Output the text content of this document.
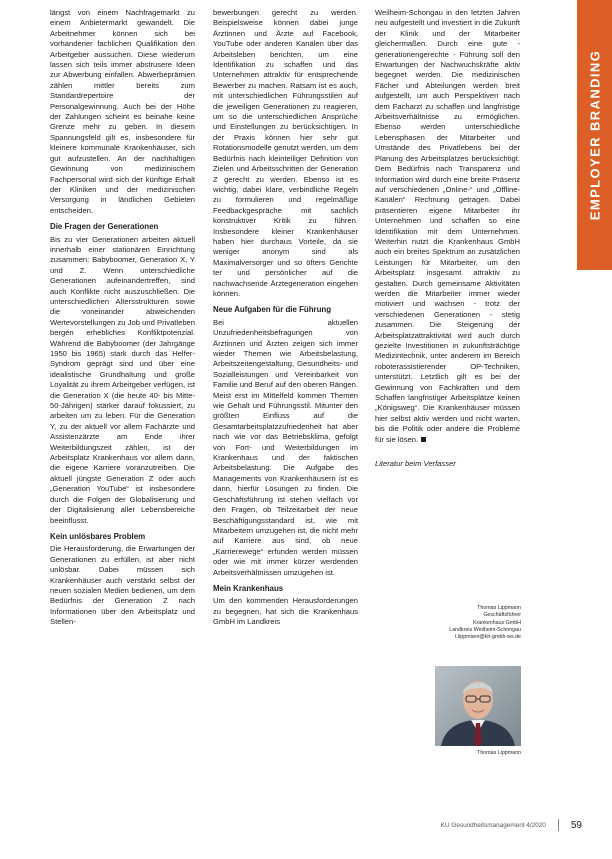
längst von einem Nachfragemarkt zu einem Anbietermarkt gewandelt. Die Arbeitnehmer können sich bei vorhandener fachlichen Qualifikation den Arbeitgeber aussuchen. Diese wiederum lassen sich teils immer abstrusere Ideen zur Abwerbung einfallen. Abwerbeprämien zählen mittler bereits zum Standardrepertoire der Personalgewinnung. Auch bei der Höhe der Zahlungen scheint es beinahe keine Grenze mehr zu geben. In diesem Spannungsfeld gilt es, insbesondere für kleinere kommunale Krankenhäuser, sich gut aufzustellen. An der nachhaltigen Gewinnung von medizinischem Fachpersonal wird sich der künftige Erhalt der Kliniken und der medizinischen Versorgung in ländlichen Gebieten entscheiden.

Die Fragen der Generationen

Bis zu vier Generationen arbeiten aktuell innerhalb einer stationären Einrichtung zusammen: Babyboomer, Generation X, Y und Z. Wenn unterschiedliche Generationen aufeinandertreffen, sind auch Konflikte nicht auszuschließen. Die unterschiedlichen Altersstrukturen sowie die voneinander abweichenden Wertevorstellungen zu Job und Privatleben bergen erhebliches Konfliktpotenzial. Während die Babyboomer (der Jahrgänge 1950 bis 1965) stark durch das Helfer-Syndrom geprägt sind und über eine idealistische Grundhaltung und große Loyalität zu ihrem Arbeitgeber verfügen, ist die Generation X (die heute 40- bis Mitte-50-Jährigen) stärker darauf fokussiert, zu arbeiten um zu leben. Für die Generation Y, zu der aktuell vor allem Fachärzte und Assistenzärzte am Ende ihrer Weiterbildungszeit zählen, ist der Arbeitsplatz Krankenhaus vor allem dann, die eigene Karriere voranzutreiben. Die aktuell jüngste Generation Z oder auch „Generation YouTube“ ist insbesondere durch die Folgen der Globalisierung und der Digitalisierung aller Lebensbereiche beeinflusst.

Kein unlösbares Problem

Die Herausforderung, die Erwartungen der Generationen zu erfüllen, ist aber nicht unlösbar. Dabei müssen sich Krankenhäuser auch verstärkt selbst der neuen sozialen Medien bedienen, um dem Bedürfnis der Generation Z nach Informationen über den Arbeitsplatz und Stellen-

bewerbungen gerecht zu werden. Beispielsweise können dabei junge Ärztinnen und Ärzte auf Facebook, YouTube oder anderen Kanälen über das Arbeitsleben berichten, um eine Identifikation zu schaffen und das Unternehmen attraktiv für entsprechende Bewerber zu machen. Ratsam ist es auch, mit unterschiedlichen Führungsstilen auf die jeweiligen Generationen zu reagieren, um so die unterschiedlichen Ansprüche und Einstellungen zu berücksichtigen. In der Praxis können hier sehr gut Rotationsmodelle genutzt werden, um dem Bedürfnis nach kleinteiliger Definition von Zielen und Arbeitsschritten der Generation Z gerecht zu werden. Ebenso ist es wichtig, dabei klare, verbindliche Regeln zu formulieren und regelmäßige Feedbackgespräche mit sachlich konstruktiver Kritik zu führen. Insbesondere kleiner Krankenhäuser haben hier durchaus Vorteile, da sie weniger anonym sind als Maximalversorger und so öfters Gerichte ter und persönlicher auf die nachwachsende Ärztegeneration eingehen können.

Neue Aufgaben für die Führung

Bei aktuellen Unzufriedenheitsbefragungen von Ärztinnen und Ärzten zeigen sich immer wieder Themen wie Arbeitsbelastung, Arbeitszeitengestaltung, Gesundheits- und Sozialleistungen und Vereinbarkeit von Familie und Beruf auf den oberen Rängen. Meist erst im Mittelfeld kommen Themen wie Gehalt und Führungsstil. Mitunter den größten Einfluss auf die Gesamtarbeitsplatzzufriedenheit hat aber nach wie vor das Betriebsklima, gefolgt von Fort- und Weiterbildungen im Krankenhaus und der faktischen Arbeitsbelastung. Die Aufgabe des Managements von Krankenhäusern ist es dann, hierfür Lösungen zu finden. Die Geschäftsführung ist stehen vielfach vor den Fragen, ob Teilzeitarbeit der neue Beschäftigungsstandard ist, wie mit Mitarbeitern umzugehen ist, die nicht mehr auf Karriere aus sind, ob neue „Karrierewege“ erfunden werden müssen oder wie mit immer kürzer werdenden Arbeitsverhältnissen umzugehen ist.

Mein Krankenhaus

Um den kommenden Herausforderungen zu begegnen, hat sich die Krankenhaus GmbH im Landkreis

Weilheim-Schongau in den letzten Jahren neu aufgestellt und investiert in die Zukunft der Klinik und der Mitarbeiter gleichermaßen. Durch eine gute - generationengerechte - Führung soll den Erwartungen der Nachwuchskräfte aktiv begegnet werden. Die medizinischen Fächer und Abteilungen werden breit aufgestellt, um auch Perspektiven nach dem Facharzt zu schaffen und langfristige Arbeitsverhältnisse zu ermöglichen. Ebenso werden unterschiedliche Lebensphasen der Mitarbeiter und Umstände des Privatlebens bei der Planung des Arbeitsplatzes berücksichtigt. Dem Bedürfnis nach Transparenz und Information wird durch eine breite Präsenz auf verschiedenen „Online-“ und „Offline-Kanälen“ Rechnung getragen. Dabei präsentieren eigene Mitarbeiter ihr Unternehmen und schaffen so eine Identifikation mit dem Unternehmen. Weiterhin nutzt die Krankenhaus GmbH auch ein breites Spektrum an zusätzlichen Leistungen für Mitarbeiter, um den Arbeitsplatz insgesamt attraktiv zu gestalten. Durch gemeinsame Aktivitäten werden die Mitarbeiter immer wieder motiviert und wachsen - trotz der verschiedenen Generationen - stetig zusammen. Die Steigerung der Arbeitsplatzattraktivität wird auch durch gezielte Investitionen in zukunftsträchtige Medizintechnik, unter anderem im Bereich roboterassistierender OP-Techniken, unterstützt. Letztlich gilt es bei der Gewinnung von Fachkräften und dem Schaffen langfristiger Arbeitsplätze keinen „Königsweg“. Die Krankenhäuser müssen hier selbst aktiv werden und nicht warten, bis die Politik oder andere die Probleme für sie lösen.

Literatur beim Verfasser

EMPLOYER BRANDING
Thomas Lippmann
Geschäftsführer
Krankenhaus GmbH
Landkreis Weilheim-Schongau
t.lippmann@kh-gmbh-ws.de
Thomas Lippmann
KU Gesundheitsmanagement 4/2020	59
